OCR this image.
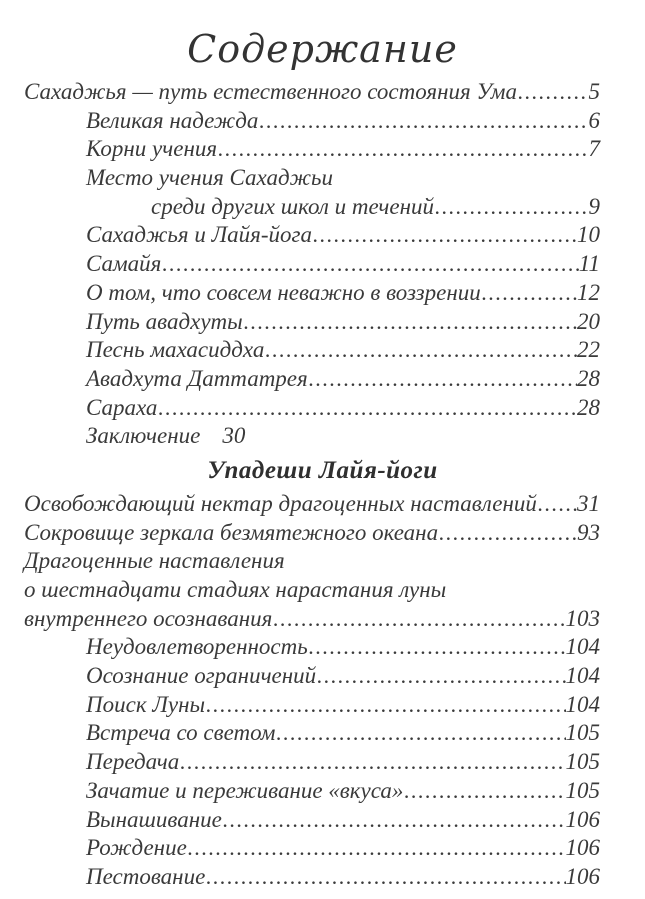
Содержание
Сахаджья — путь естественного состояния Ума .....	5
Великая надежда .....	6
Корни учения .....	7
Место учения Сахаджьи
среди других школ и течений .....	9
Сахаджья и Лайя-йога .....	10
Самайя .....	11
О том, что совсем неважно в воззрении .....	12
Путь авадхуты .....	20
Песнь махасиддха .....	22
Авадхута Даттатрея .....	28
Сараха .....	28
Заключение 30
Упадеши Лайя-йоги
Освобождающий нектар драгоценных наставлений ..... 31
Сокровище зеркала безмятежного океана .....	93
Драгоценные наставления
о шестнадцати стадиях нарастания луны
внутреннего осознавания .....	103
Неудовлетворенность .....	104
Осознание ограничений .....	104
Поиск Луны .....	104
Встреча со светом .....	105
Передача .....	105
Зачатие и переживание «вкуса» .....	105
Вынашивание .....	106
Рождение .....	106
Пестование .....	106
